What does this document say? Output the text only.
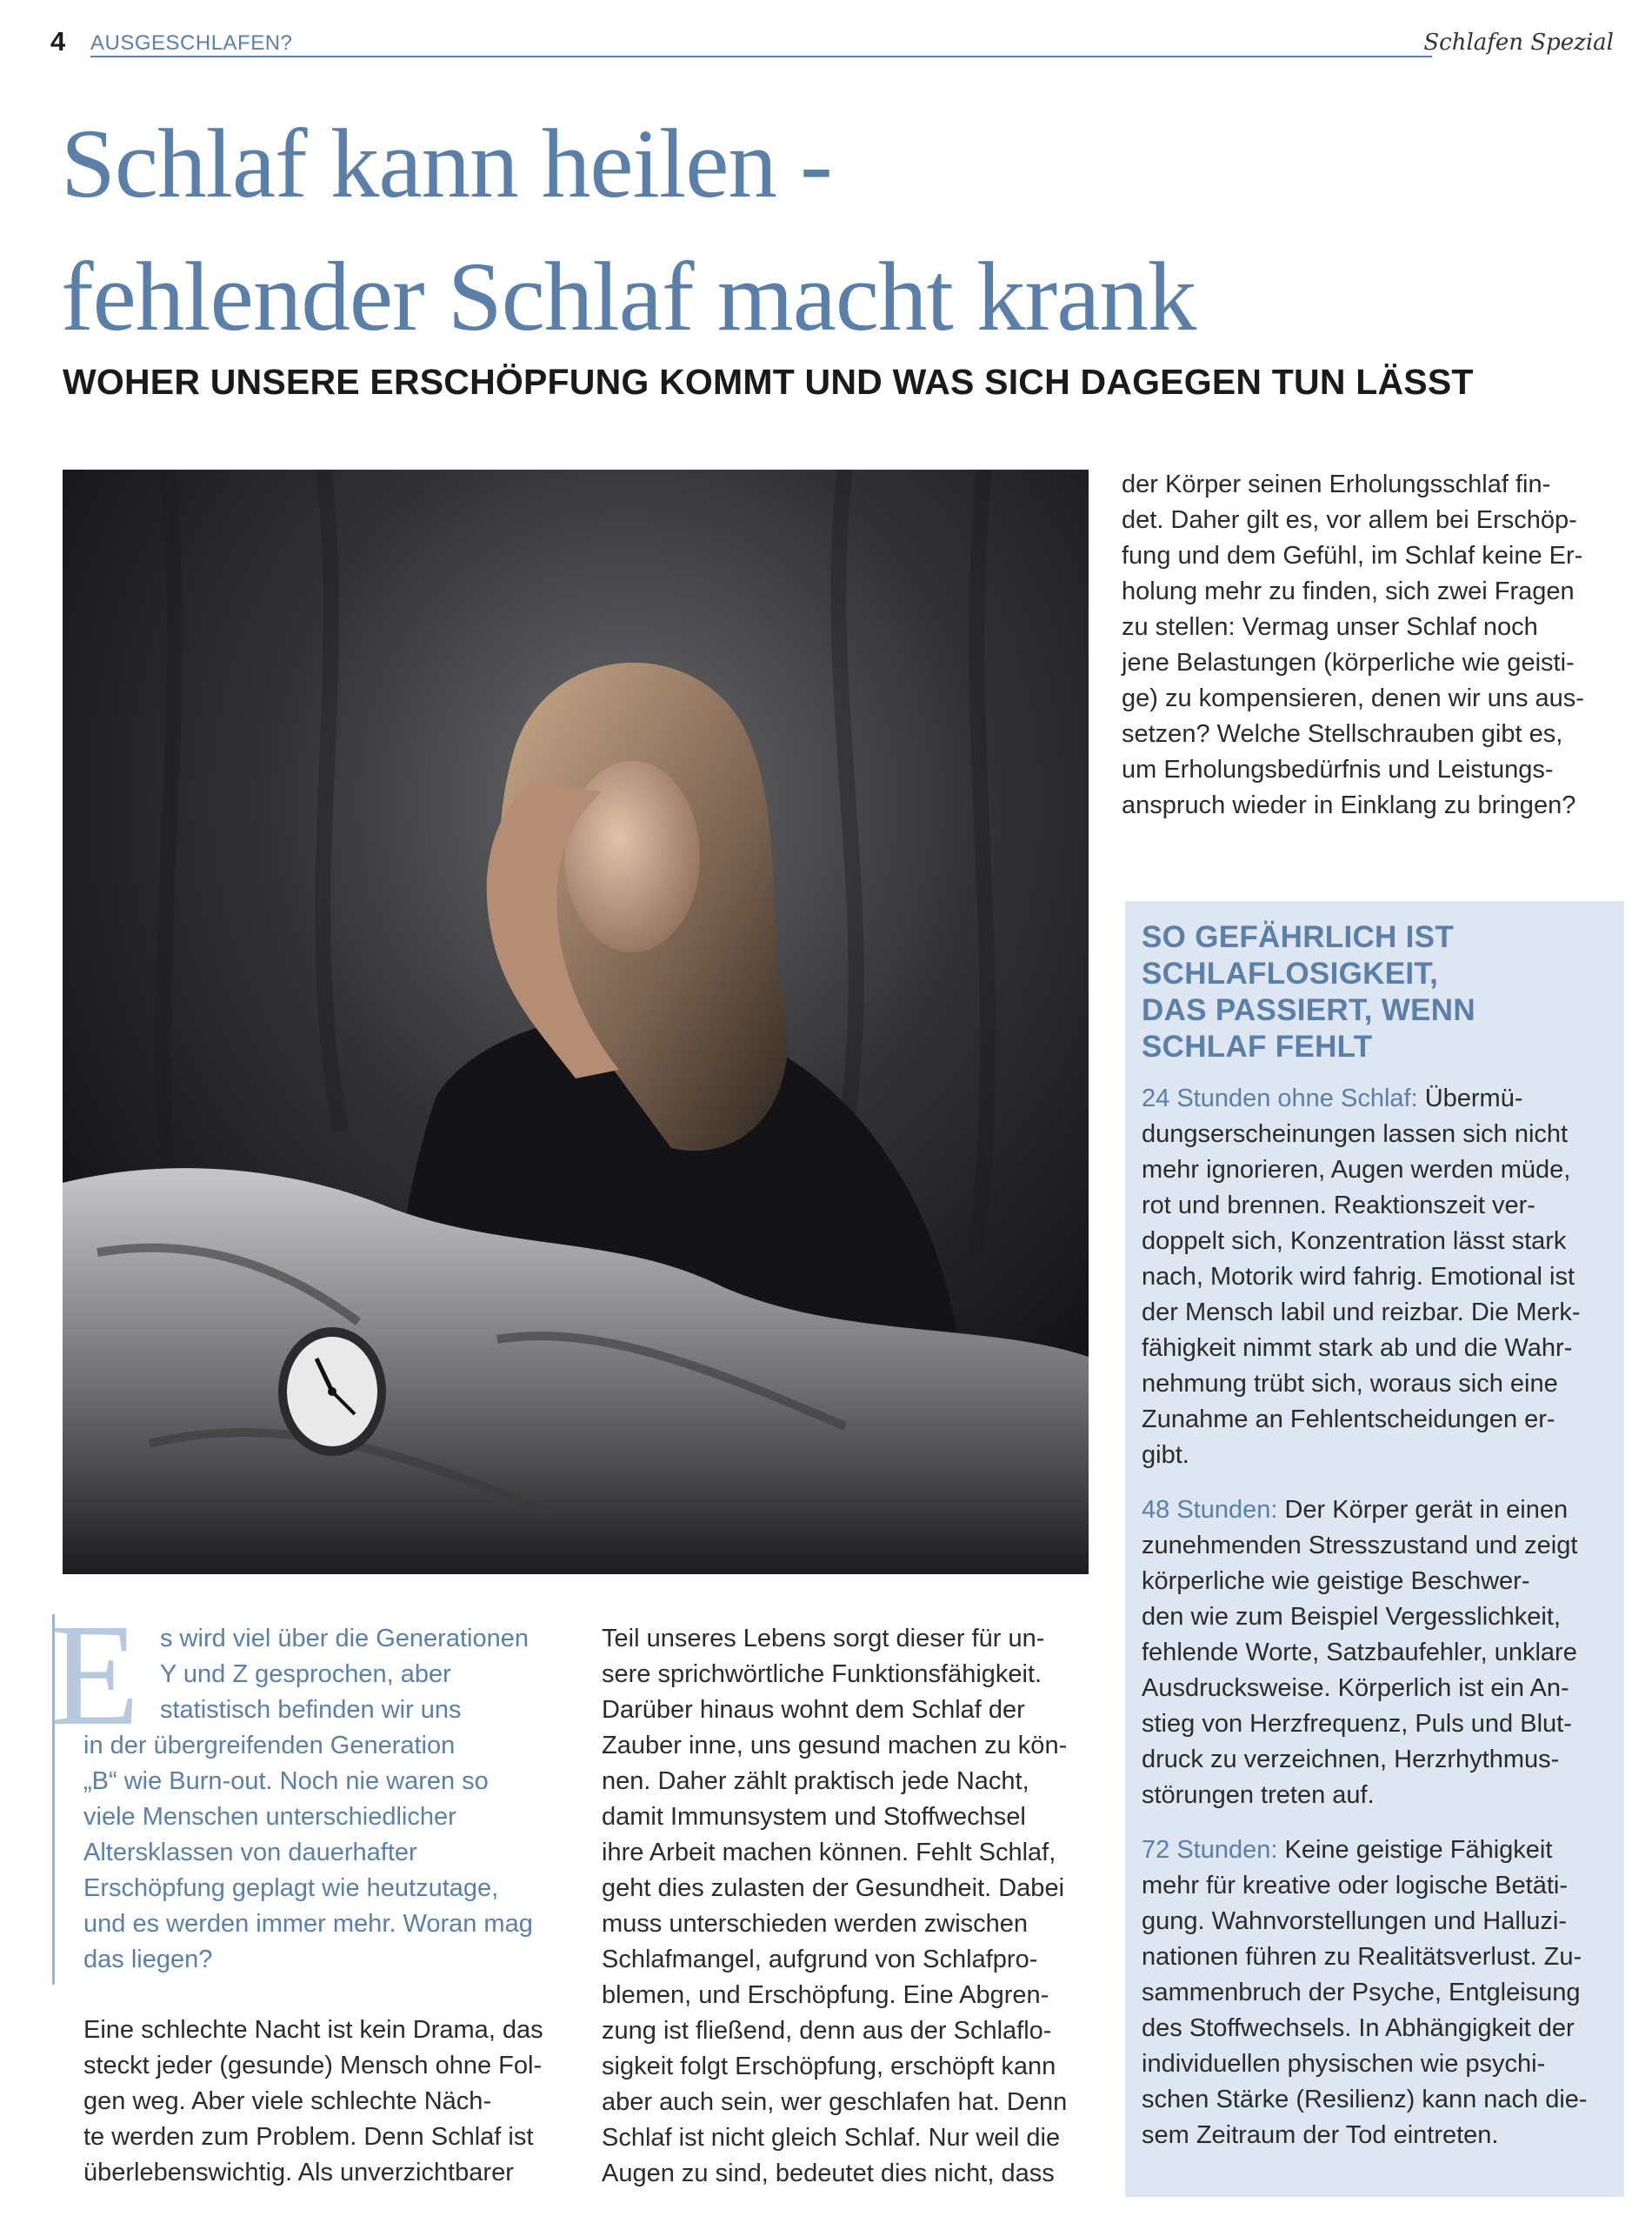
4 AUSGESCHLAFEN?	Schlafen Spezial
Schlaf kann heilen -
fehlender Schlaf macht krank
WOHER UNSERE ERSCHÖPFUNG KOMMT UND WAS SICH DAGEGEN TUN LÄSST
der Körper seinen Erholungsschlaf fin-
det. Daher gilt es, vor allem bei Erschöp-
fung und dem Gefühl, im Schlaf keine Er-
holung mehr zu finden, sich zwei Fragen
zu stellen: Vermag unser Schlaf noch
jene Belastungen (körperliche wie geisti-
ge) zu kompensieren, denen wir uns aus-
setzen? Welche Stellschrauben gibt es,
um Erholungsbedürfnis und Leistungs-
anspruch wieder in Einklang zu bringen?
SO GEFÄHRLICH IST
SCHLAFLOSIGKEIT,
DAS PASSIERT, WENN
SCHLAF FEHLT
24 Stunden ohne Schlaf: Übermü-
dungserscheinungen lassen sich nicht
mehr ignorieren, Augen werden müde,
rot und brennen. Reaktionszeit ver-
doppelt sich, Konzentration lässt stark
nach, Motorik wird fahrig. Emotional ist
der Mensch labil und reizbar. Die Merk-
fähigkeit nimmt stark ab und die Wahr-
nehmung trübt sich, woraus sich eine
Zunahme an Fehlentscheidungen er-
gibt.
48 Stunden: Der Körper gerät in einen
zunehmenden Stresszustand und zeigt
körperliche wie geistige Beschwer-
den wie zum Beispiel Vergesslichkeit,
fehlende Worte, Satzbaufehler, unklare
Ausdrucksweise. Körperlich ist ein An-
stieg von Herzfrequenz, Puls und Blut-
druck zu verzeichnen, Herzrhythmus-
störungen treten auf.
72 Stunden: Keine geistige Fähigkeit
mehr für kreative oder logische Betäti-
gung. Wahnvorstellungen und Halluzi-
nationen führen zu Realitätsverlust. Zu-
sammenbruch der Psyche, Entgleisung
des Stoffwechsels. In Abhängigkeit der
individuellen physischen wie psychi-
schen Stärke (Resilienz) kann nach die-
sem Zeitraum der Tod eintreten.
E s wird viel über die Generationen
Y und Z gesprochen, aber
statistisch befinden wir uns
in der übergreifenden Generation
„B“ wie Burn-out. Noch nie waren so
viele Menschen unterschiedlicher
Altersklassen von dauerhafter
Erschöpfung geplagt wie heutzutage,
und es werden immer mehr. Woran mag
das liegen?
Eine schlechte Nacht ist kein Drama, das
steckt jeder (gesunde) Mensch ohne Fol-
gen weg. Aber viele schlechte Näch-
te werden zum Problem. Denn Schlaf ist
überlebenswichtig. Als unverzichtbarer
Teil unseres Lebens sorgt dieser für un-
sere sprichwörtliche Funktionsfähigkeit.
Darüber hinaus wohnt dem Schlaf der
Zauber inne, uns gesund machen zu kön-
nen. Daher zählt praktisch jede Nacht,
damit Immunsystem und Stoffwechsel
ihre Arbeit machen können. Fehlt Schlaf,
geht dies zulasten der Gesundheit. Dabei
muss unterschieden werden zwischen
Schlafmangel, aufgrund von Schlafpro-
blemen, und Erschöpfung. Eine Abgren-
zung ist fließend, denn aus der Schlaflo-
sigkeit folgt Erschöpfung, erschöpft kann
aber auch sein, wer geschlafen hat. Denn
Schlaf ist nicht gleich Schlaf. Nur weil die
Augen zu sind, bedeutet dies nicht, dass
